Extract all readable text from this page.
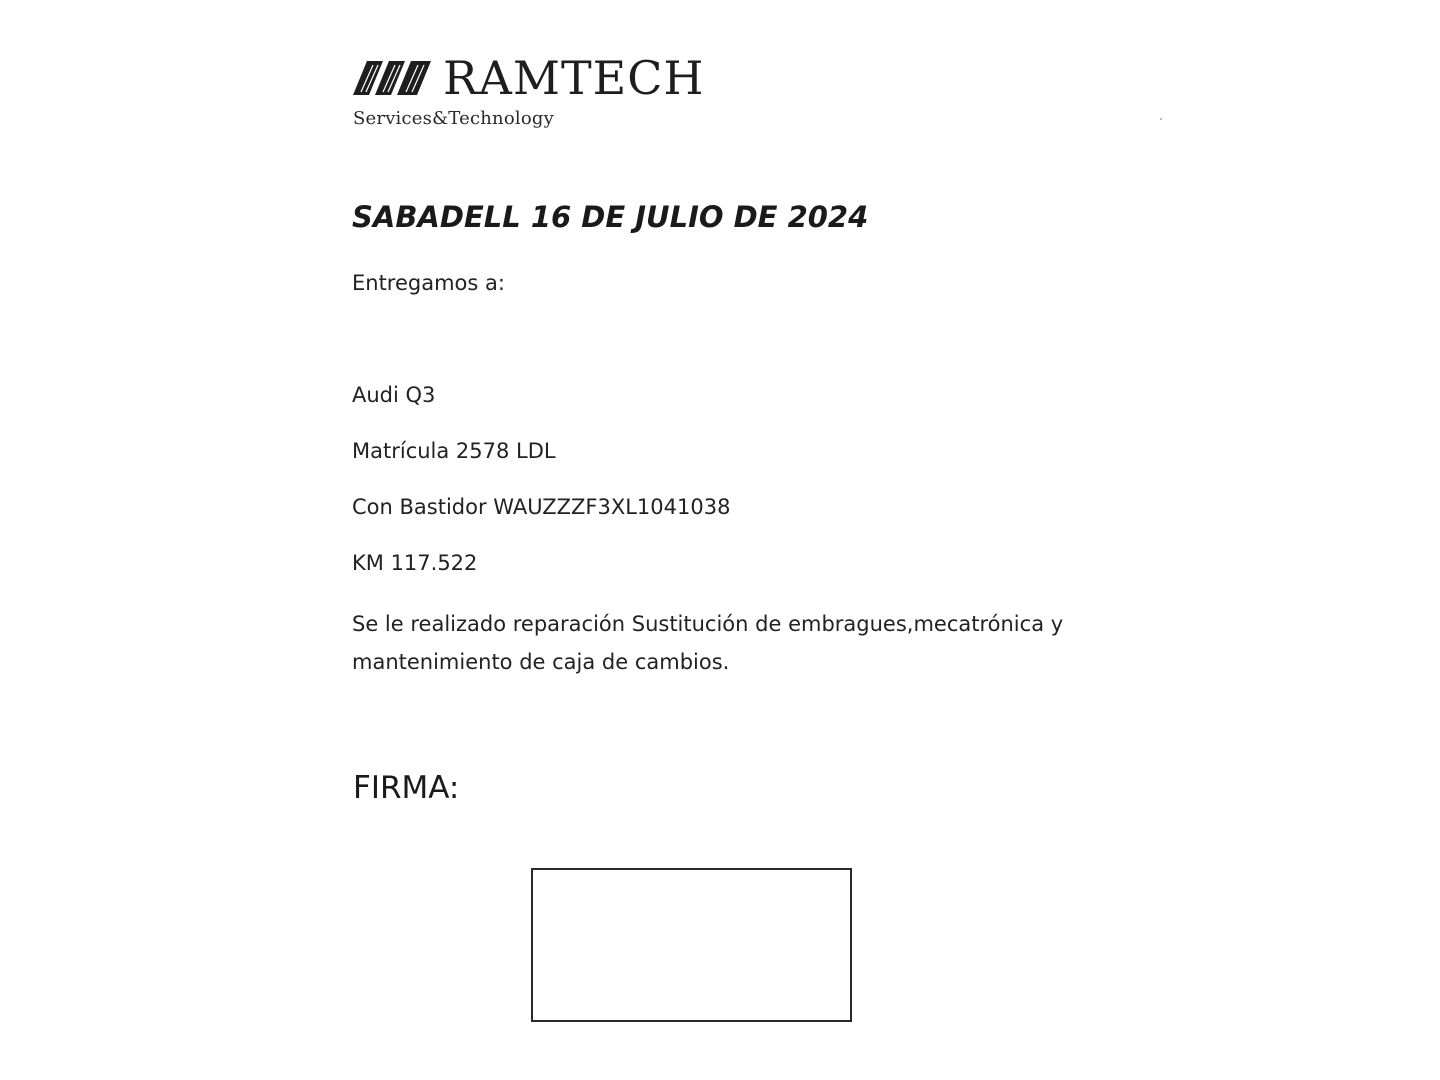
RAMTECH
Services&Technology
SABADELL 16 DE JULIO DE 2024
Entregamos a:
Audi Q3
Matrícula 2578 LDL
Con Bastidor WAUZZZF3XL1041038
KM 117.522
Se le realizado reparación Sustitución de embragues,mecatrónica y mantenimiento de caja de cambios.
FIRMA:
